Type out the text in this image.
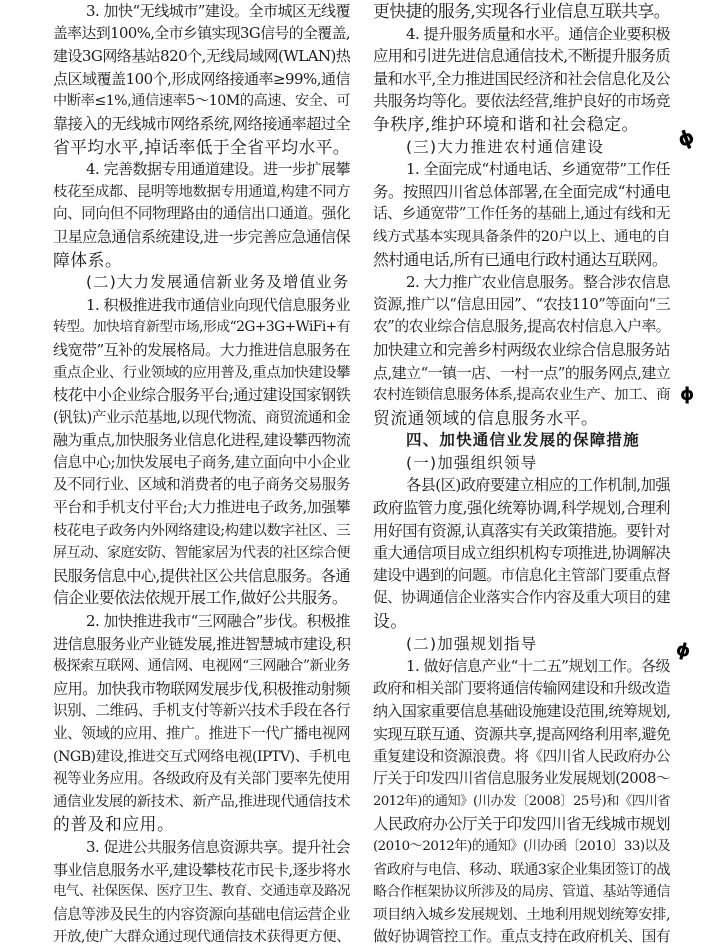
3. 加快“无线城市”建设。全市城区无线覆
盖率达到100%,全市乡镇实现3G信号的全覆盖,
建设3G网络基站820个,无线局域网(WLAN)热
点区域覆盖100个,形成网络接通率≥99%,通信
中断率≤1%,通信速率5～10M的高速、安全、可
靠接入的无线城市网络系统,网络接通率超过全
省平均水平,掉话率低于全省平均水平。
4. 完善数据专用通道建设。进一步扩展攀
枝花至成都、昆明等地数据专用通道,构建不同方
向、同向但不同物理路由的通信出口通道。强化
卫星应急通信系统建设,进一步完善应急通信保
障体系。
(二)大力发展通信新业务及增值业务
1. 积极推进我市通信业向现代信息服务业
转型。加快培育新型市场,形成“2G+3G+WiFi+有
线宽带”互补的发展格局。大力推进信息服务在
重点企业、行业领域的应用普及,重点加快建设攀
枝花中小企业综合服务平台;通过建设国家钢铁
(钒钛)产业示范基地,以现代物流、商贸流通和金
融为重点,加快服务业信息化进程,建设攀西物流
信息中心;加快发展电子商务,建立面向中小企业
及不同行业、区域和消费者的电子商务交易服务
平台和手机支付平台;大力推进电子政务,加强攀
枝花电子政务内外网络建设;构建以数字社区、三
屏互动、家庭安防、智能家居为代表的社区综合便
民服务信息中心,提供社区公共信息服务。各通
信企业要依法依规开展工作,做好公共服务。
2. 加快推进我市“三网融合”步伐。积极推
进信息服务业产业链发展,推进智慧城市建设,积
极探索互联网、通信网、电视网“三网融合”新业务
应用。加快我市物联网发展步伐,积极推动射频
识别、二维码、手机支付等新兴技术手段在各行
业、领域的应用、推广。推进下一代广播电视网
(NGB)建设,推进交互式网络电视(IPTV)、手机电
视等业务应用。各级政府及有关部门要率先使用
通信业发展的新技术、新产品,推进现代通信技术
的普及和应用。
3. 促进公共服务信息资源共享。提升社会
事业信息服务水平,建设攀枝花市民卡,逐步将水
电气、社保医保、医疗卫生、教育、交通违章及路况
信息等涉及民生的内容资源向基础电信运营企业
开放,使广大群众通过现代通信技术获得更方便、
更快捷的服务,实现各行业信息互联共享。
4. 提升服务质量和水平。通信企业要积极
应用和引进先进信息通信技术,不断提升服务质
量和水平,全力推进国民经济和社会信息化及公
共服务均等化。要依法经营,维护良好的市场竞
争秩序,维护环境和谐和社会稳定。
(三)大力推进农村通信建设
1. 全面完成“村通电话、乡通宽带”工作任
务。按照四川省总体部署,在全面完成“村通电
话、乡通宽带”工作任务的基础上,通过有线和无
线方式基本实现具备条件的20户以上、通电的自
然村通电话,所有已通电行政村通达互联网。
2. 大力推广农业信息服务。整合涉农信息
资源,推广以“信息田园”、“农技110”等面向“三
农”的农业综合信息服务,提高农村信息入户率。
加快建立和完善乡村两级农业综合信息服务站
点,建立“一镇一店、一村一点”的服务网点,建立
农村连锁信息服务体系,提高农业生产、加工、商
贸流通领域的信息服务水平。
四、加快通信业发展的保障措施
(一)加强组织领导
各县(区)政府要建立相应的工作机制,加强
政府监管力度,强化统筹协调,科学规划,合理利
用好国有资源,认真落实有关政策措施。要针对
重大通信项目成立组织机构专项推进,协调解决
建设中遇到的问题。市信息化主管部门要重点督
促、协调通信企业落实合作内容及重大项目的建
设。
(二)加强规划指导
1. 做好信息产业“十二五”规划工作。各级
政府和相关部门要将通信传输网建设和升级改造
纳入国家重要信息基础设施建设范围,统筹规划,
实现互联互通、资源共享,提高网络利用率,避免
重复建设和资源浪费。将《四川省人民政府办公
厅关于印发四川省信息服务业发展规划(2008～
2012年)的通知》(川办发〔2008〕25号)和《四川省
人民政府办公厅关于印发四川省无线城市规划
(2010～2012年)的通知》(川办函〔2010〕33)以及
省政府与电信、移动、联通3家企业集团签订的战
略合作框架协议所涉及的局房、管道、基站等通信
项目纳入城乡发展规划、土地利用规划统筹安排,
做好协调管控工作。重点支持在政府机关、国有
ϕ
ϕ
ϕ
